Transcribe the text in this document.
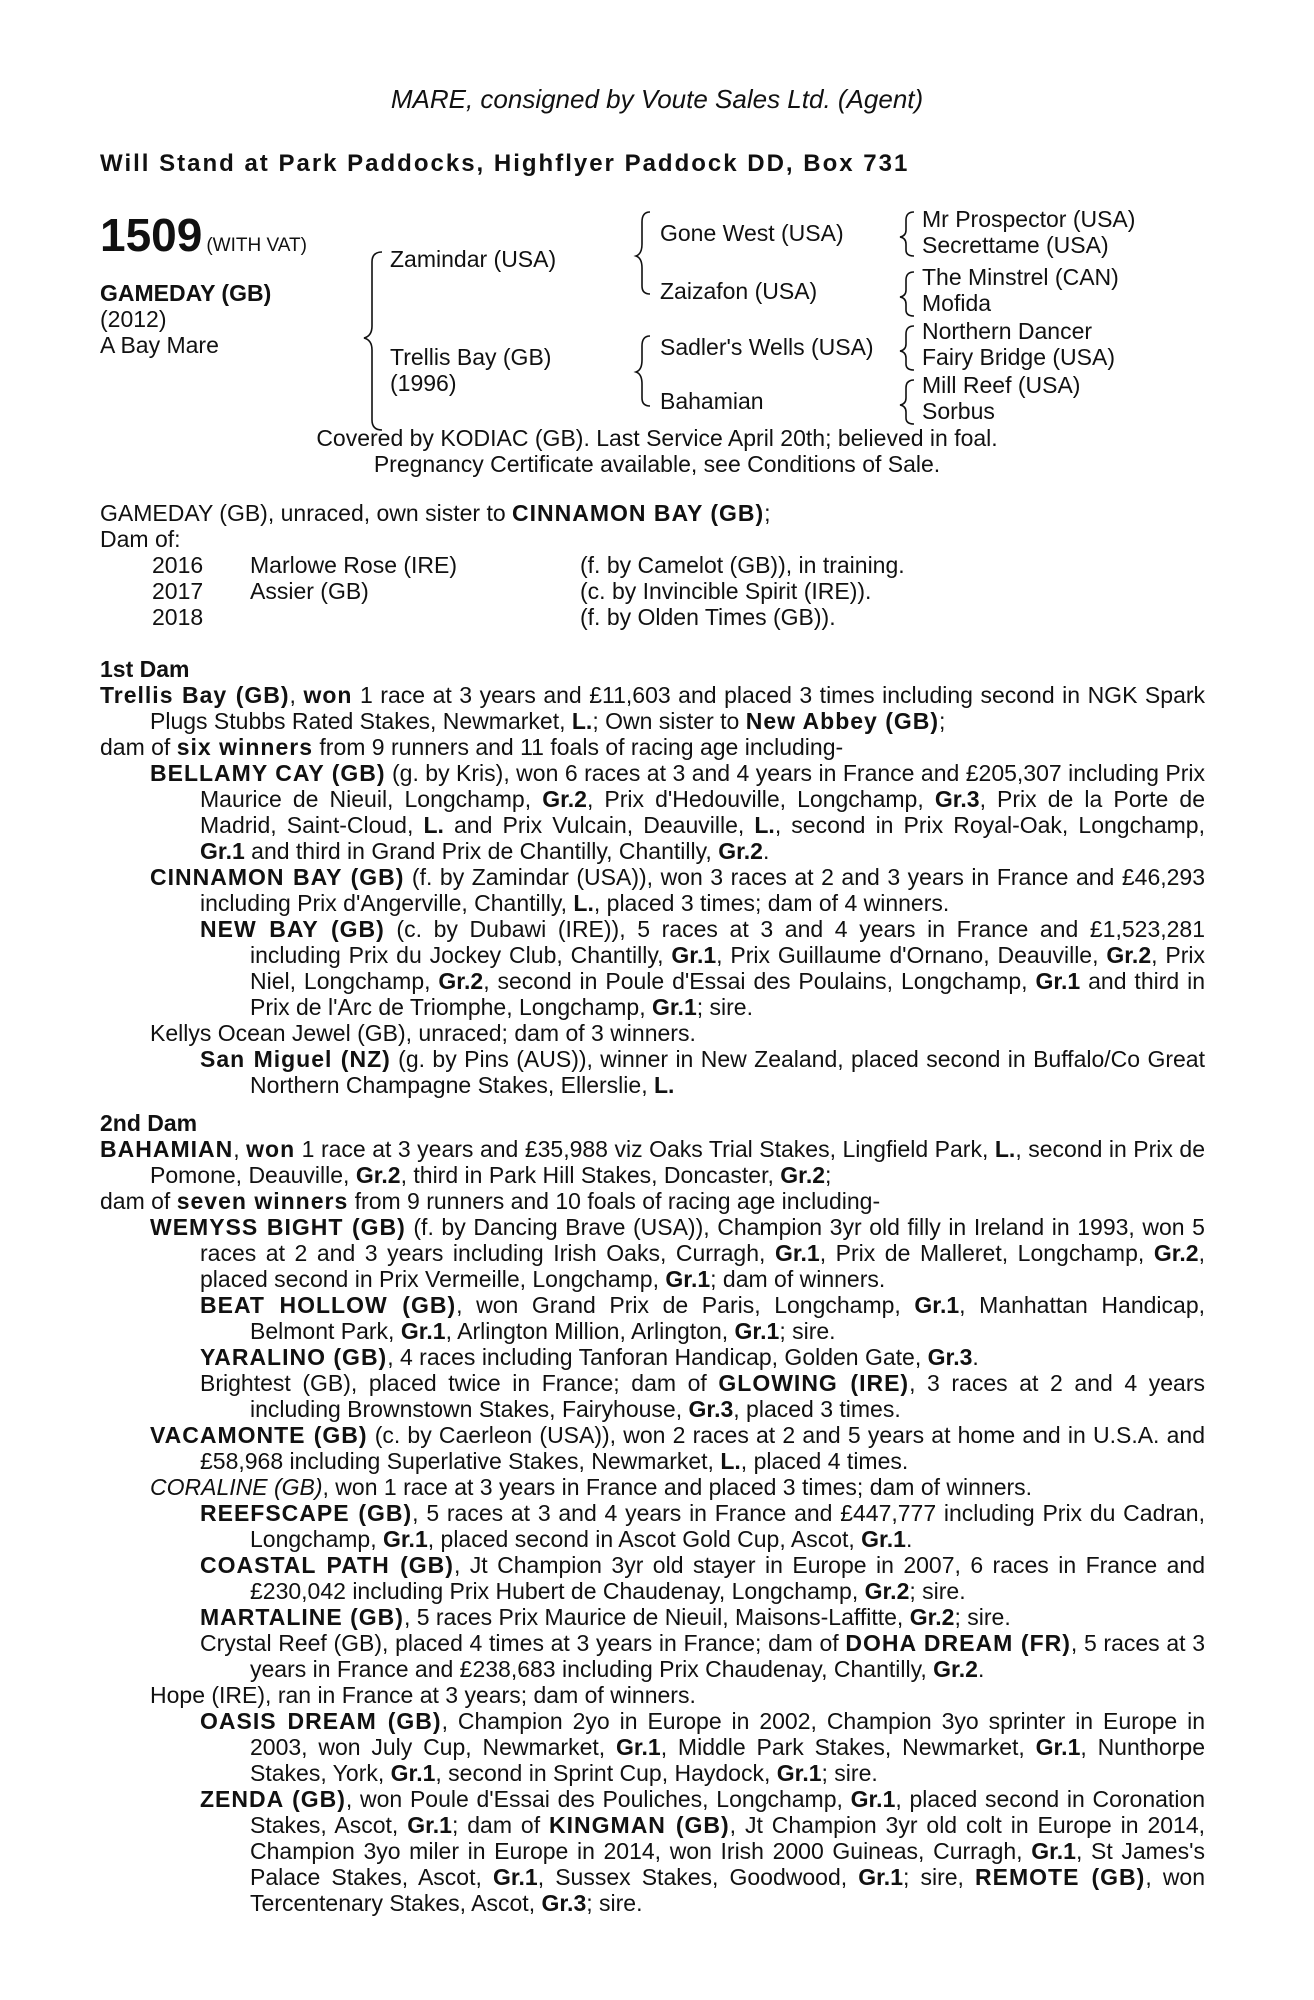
MARE, consigned by Voute Sales Ltd. (Agent)
Will Stand at Park Paddocks, Highflyer Paddock DD, Box 731
1509 (WITH VAT)
GAMEDAY (GB)
(2012)
A Bay Mare
Zamindar (USA)
Trellis Bay (GB)
(1996)
Gone West (USA)
Zaizafon (USA)
Sadler's Wells (USA)
Bahamian
Mr Prospector (USA)
Secrettame (USA)
The Minstrel (CAN)
Mofida
Northern Dancer
Fairy Bridge (USA)
Mill Reef (USA)
Sorbus
Covered by KODIAC (GB). Last Service April 20th; believed in foal.
Pregnancy Certificate available, see Conditions of Sale.
GAMEDAY (GB), unraced, own sister to CINNAMON BAY (GB);
Dam of:
2016 Marlowe Rose (IRE)	(f. by Camelot (GB)), in training.
2017 Assier (GB)	(c. by Invincible Spirit (IRE)).
2018	(f. by Olden Times (GB)).
1st Dam

Trellis Bay (GB), won 1 race at 3 years and £11,603 and placed 3 times including second in NGK Spark Plugs Stubbs Rated Stakes, Newmarket, L.; Own sister to New Abbey (GB);

dam of six winners from 9 runners and 11 foals of racing age including-

BELLAMY CAY (GB) (g. by Kris), won 6 races at 3 and 4 years in France and £205,307 including Prix Maurice de Nieuil, Longchamp, Gr.2, Prix d'Hedouville, Longchamp, Gr.3, Prix de la Porte de Madrid, Saint-Cloud, L. and Prix Vulcain, Deauville, L., second in Prix Royal-Oak, Longchamp, Gr.1 and third in Grand Prix de Chantilly, Chantilly, Gr.2.

CINNAMON BAY (GB) (f. by Zamindar (USA)), won 3 races at 2 and 3 years in France and £46,293 including Prix d'Angerville, Chantilly, L., placed 3 times; dam of 4 winners.

NEW BAY (GB) (c. by Dubawi (IRE)), 5 races at 3 and 4 years in France and £1,523,281 including Prix du Jockey Club, Chantilly, Gr.1, Prix Guillaume d'Ornano, Deauville, Gr.2, Prix Niel, Longchamp, Gr.2, second in Poule d'Essai des Poulains, Longchamp, Gr.1 and third in Prix de l'Arc de Triomphe, Longchamp, Gr.1; sire.

Kellys Ocean Jewel (GB), unraced; dam of 3 winners.

San Miguel (NZ) (g. by Pins (AUS)), winner in New Zealand, placed second in Buffalo/Co Great Northern Champagne Stakes, Ellerslie, L.

2nd Dam

BAHAMIAN, won 1 race at 3 years and £35,988 viz Oaks Trial Stakes, Lingfield Park, L., second in Prix de Pomone, Deauville, Gr.2, third in Park Hill Stakes, Doncaster, Gr.2;

dam of seven winners from 9 runners and 10 foals of racing age including-

WEMYSS BIGHT (GB) (f. by Dancing Brave (USA)), Champion 3yr old filly in Ireland in 1993, won 5 races at 2 and 3 years including Irish Oaks, Curragh, Gr.1, Prix de Malleret, Longchamp, Gr.2, placed second in Prix Vermeille, Longchamp, Gr.1; dam of winners.

BEAT HOLLOW (GB), won Grand Prix de Paris, Longchamp, Gr.1, Manhattan Handicap, Belmont Park, Gr.1, Arlington Million, Arlington, Gr.1; sire.

YARALINO (GB), 4 races including Tanforan Handicap, Golden Gate, Gr.3.

Brightest (GB), placed twice in France; dam of GLOWING (IRE), 3 races at 2 and 4 years including Brownstown Stakes, Fairyhouse, Gr.3, placed 3 times.

VACAMONTE (GB) (c. by Caerleon (USA)), won 2 races at 2 and 5 years at home and in U.S.A. and £58,968 including Superlative Stakes, Newmarket, L., placed 4 times.

CORALINE (GB), won 1 race at 3 years in France and placed 3 times; dam of winners.

REEFSCAPE (GB), 5 races at 3 and 4 years in France and £447,777 including Prix du Cadran, Longchamp, Gr.1, placed second in Ascot Gold Cup, Ascot, Gr.1.

COASTAL PATH (GB), Jt Champion 3yr old stayer in Europe in 2007, 6 races in France and £230,042 including Prix Hubert de Chaudenay, Longchamp, Gr.2; sire.

MARTALINE (GB), 5 races Prix Maurice de Nieuil, Maisons-Laffitte, Gr.2; sire.

Crystal Reef (GB), placed 4 times at 3 years in France; dam of DOHA DREAM (FR), 5 races at 3 years in France and £238,683 including Prix Chaudenay, Chantilly, Gr.2.

Hope (IRE), ran in France at 3 years; dam of winners.

OASIS DREAM (GB), Champion 2yo in Europe in 2002, Champion 3yo sprinter in Europe in 2003, won July Cup, Newmarket, Gr.1, Middle Park Stakes, Newmarket, Gr.1, Nunthorpe Stakes, York, Gr.1, second in Sprint Cup, Haydock, Gr.1; sire.

ZENDA (GB), won Poule d'Essai des Pouliches, Longchamp, Gr.1, placed second in Coronation Stakes, Ascot, Gr.1; dam of KINGMAN (GB), Jt Champion 3yr old colt in Europe in 2014, Champion 3yo miler in Europe in 2014, won Irish 2000 Guineas, Curragh, Gr.1, St James's Palace Stakes, Ascot, Gr.1, Sussex Stakes, Goodwood, Gr.1; sire, REMOTE (GB), won Tercentenary Stakes, Ascot, Gr.3; sire.
